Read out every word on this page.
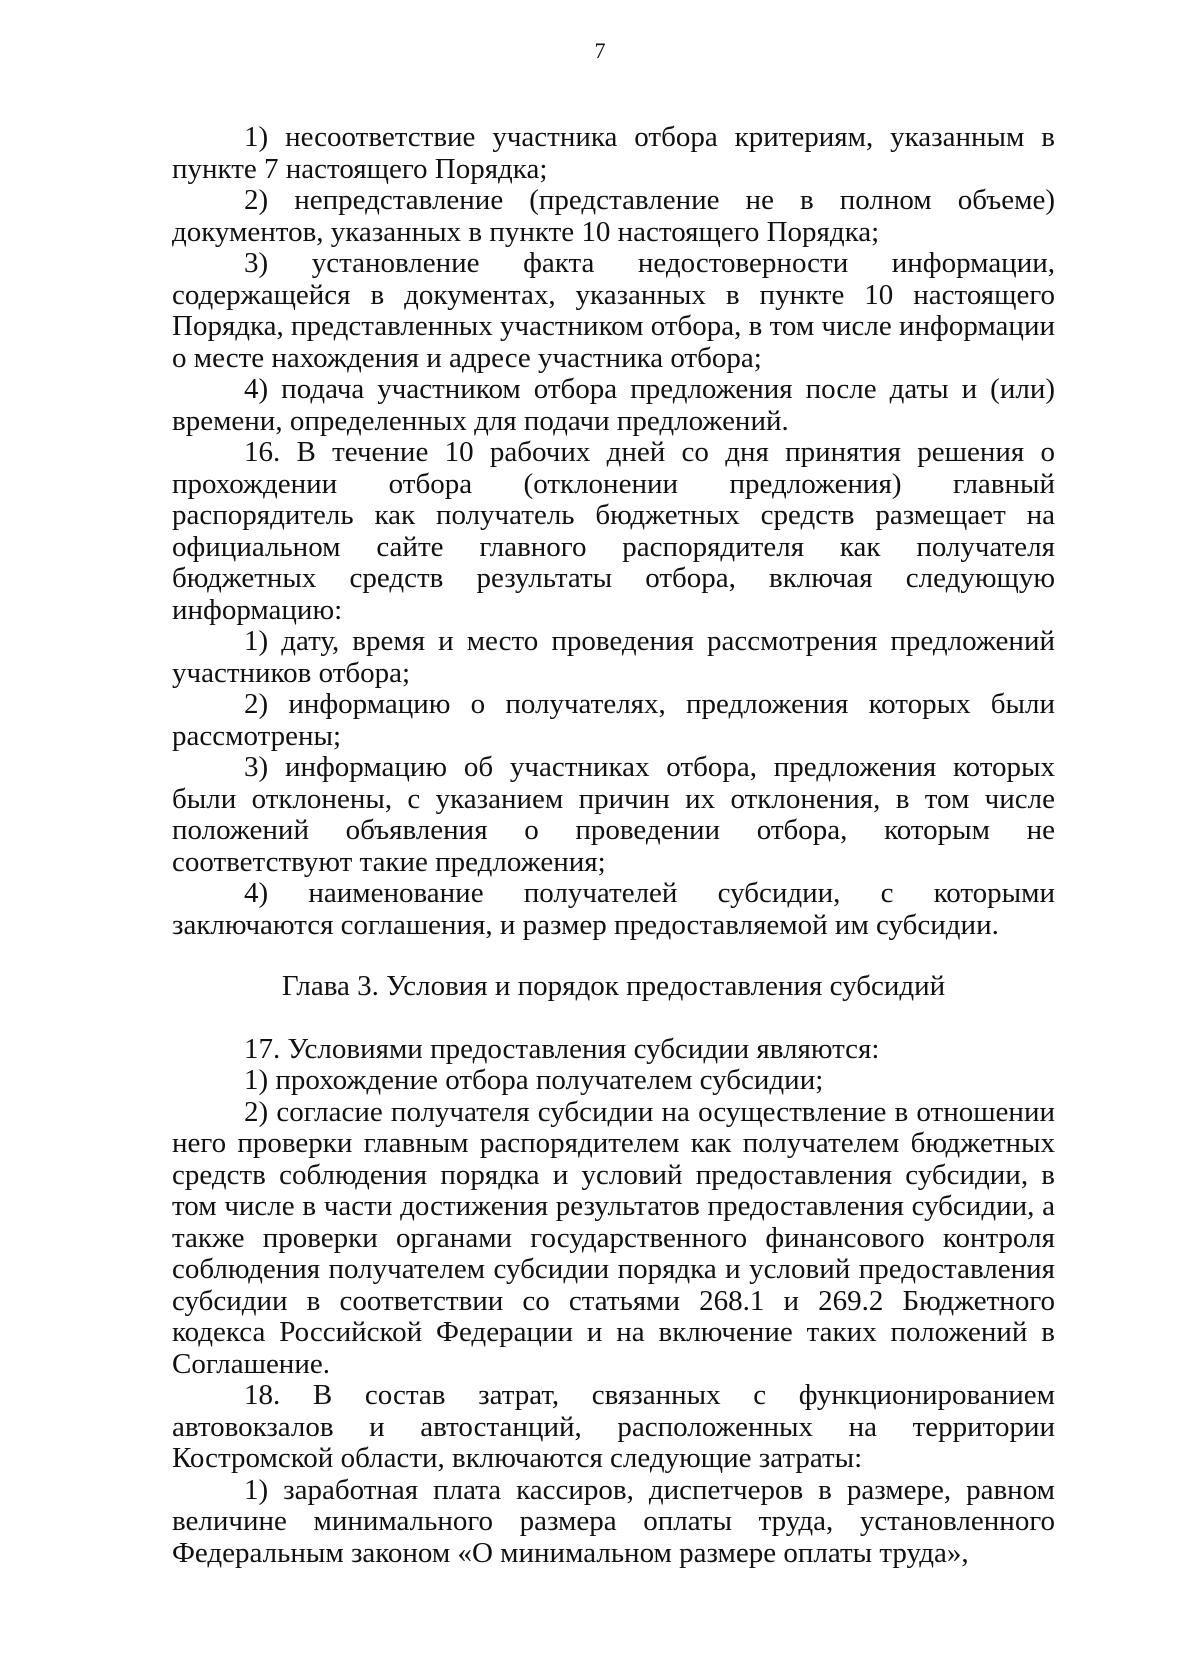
7

1) несоответствие участника отбора критериям, указанным в пункте 7 настоящего Порядка;

2) непредставление (представление не в полном объеме) документов, указанных в пункте 10 настоящего Порядка;

3) установление факта недостоверности информации, содержащейся в документах, указанных в пункте 10 настоящего Порядка, представленных участником отбора, в том числе информации о месте нахождения и адресе участника отбора;

4) подача участником отбора предложения после даты и (или) времени, определенных для подачи предложений.

16. В течение 10 рабочих дней со дня принятия решения о прохождении отбора (отклонении предложения) главный распорядитель как получатель бюджетных средств размещает на официальном сайте главного распорядителя как получателя бюджетных средств результаты отбора, включая следующую информацию:

1) дату, время и место проведения рассмотрения предложений участников отбора;

2) информацию о получателях, предложения которых были рассмотрены;

3) информацию об участниках отбора, предложения которых были отклонены, с указанием причин их отклонения, в том числе положений объявления о проведении отбора, которым не соответствуют такие предложения;

4) наименование получателей субсидии, с которыми заключаются соглашения, и размер предоставляемой им субсидии.

Глава 3. Условия и порядок предоставления субсидий

17. Условиями предоставления субсидии являются:

1) прохождение отбора получателем субсидии;

2) согласие получателя субсидии на осуществление в отношении него проверки главным распорядителем как получателем бюджетных средств соблюдения порядка и условий предоставления субсидии, в том числе в части достижения результатов предоставления субсидии, а также проверки органами государственного финансового контроля соблюдения получателем субсидии порядка и условий предоставления субсидии в соответствии со статьями 268.1 и 269.2 Бюджетного кодекса Российской Федерации и на включение таких положений в Соглашение.

18. В состав затрат, связанных с функционированием автовокзалов и автостанций, расположенных на территории Костромской области, включаются следующие затраты:

1) заработная плата кассиров, диспетчеров в размере, равном величине минимального размера оплаты труда, установленного Федеральным законом «О минимальном размере оплаты труда»,
